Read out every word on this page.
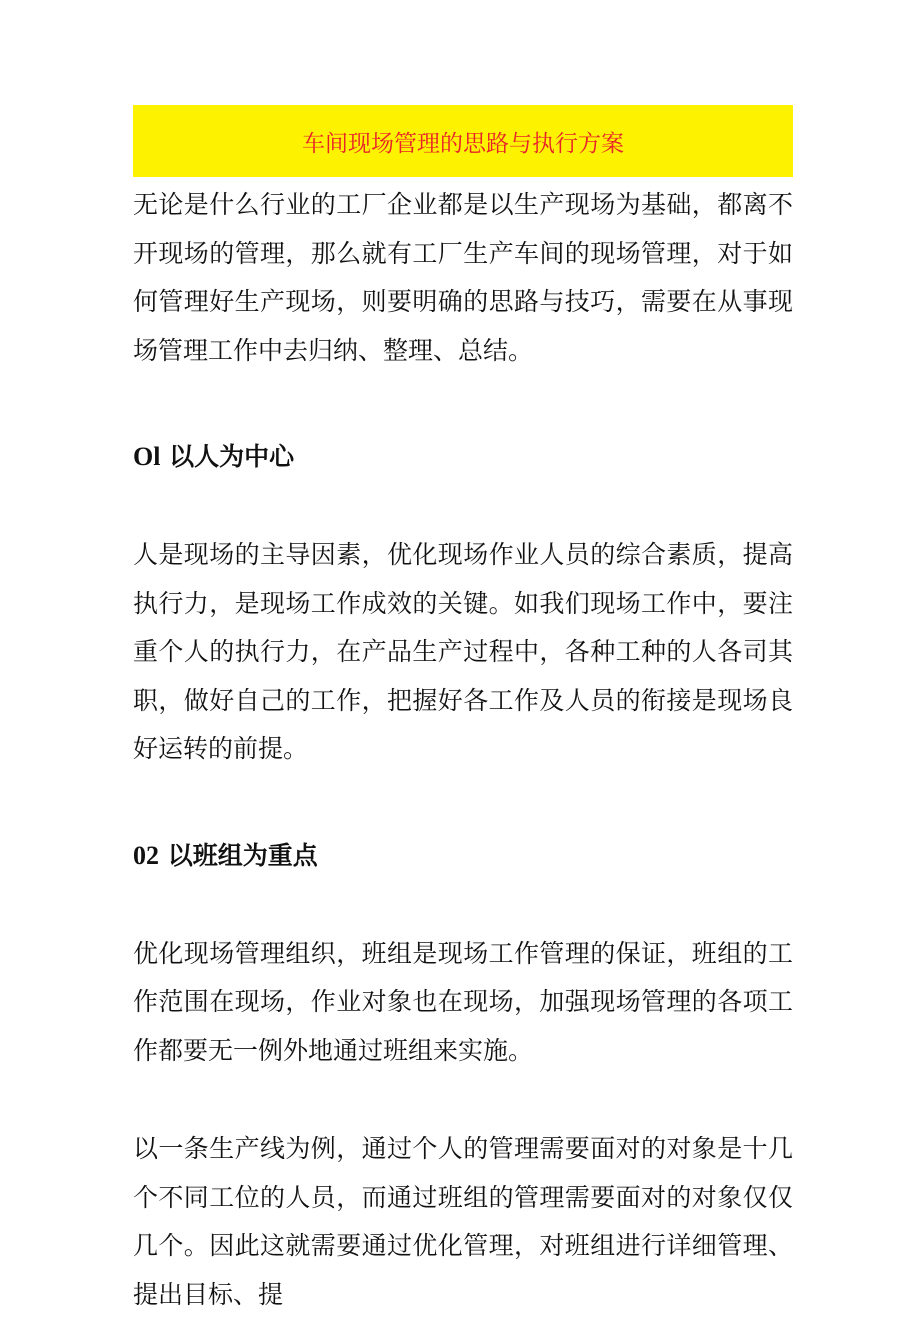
车间现场管理的思路与执行方案

无论是什么行业的工厂企业都是以生产现场为基础，都离不开现场的管理，那么就有工厂生产车间的现场管理，对于如何管理好生产现场，则要明确的思路与技巧，需要在从事现场管理工作中去归纳、整理、总结。

Ol 以人为中心

人是现场的主导因素，优化现场作业人员的综合素质，提高执行力，是现场工作成效的关键。如我们现场工作中，要注重个人的执行力，在产品生产过程中，各种工种的人各司其职，做好自己的工作，把握好各工作及人员的衔接是现场良好运转的前提。

02 以班组为重点

优化现场管理组织，班组是现场工作管理的保证，班组的工作范围在现场，作业对象也在现场，加强现场管理的各项工作都要无一例外地通过班组来实施。

以一条生产线为例，通过个人的管理需要面对的对象是十几个不同工位的人员，而通过班组的管理需要面对的对象仅仅几个。因此这就需要通过优化管理，对班组进行详细管理、提出目标、提
